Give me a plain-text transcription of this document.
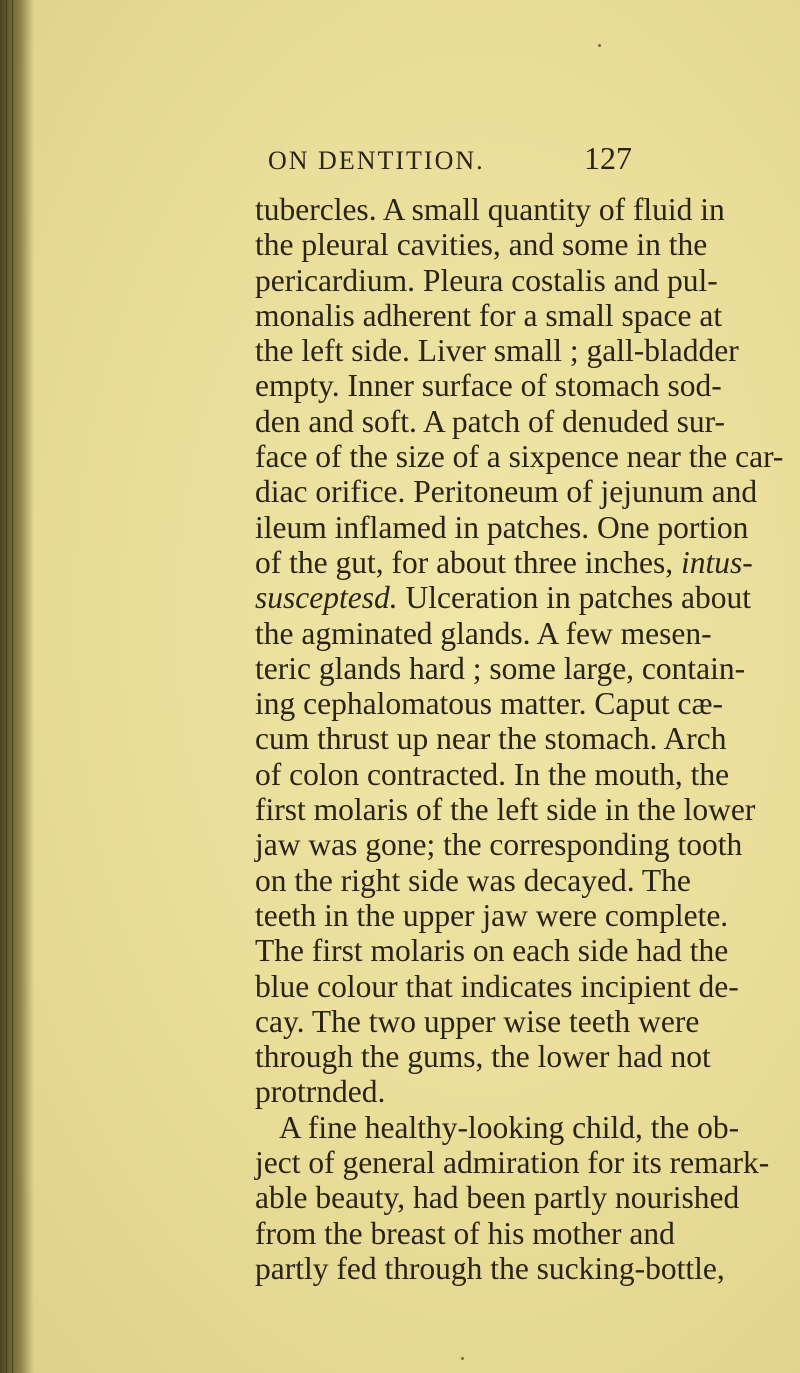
ON DENTITION.	127
tubercles. A small quantity of fluid in
the pleural cavities, and some in the
pericardium. Pleura costalis and pul-
monalis adherent for a small space at
the left side. Liver small ; gall-bladder
empty. Inner surface of stomach sod-
den and soft. A patch of denuded sur-
face of the size of a sixpence near the car-
diac orifice. Peritoneum of jejunum and
ileum inflamed in patches. One portion
of the gut, for about three inches, intus-
susceptesd. Ulceration in patches about
the agminated glands. A few mesen-
teric glands hard ; some large, contain-
ing cephalomatous matter. Caput cæ-
cum thrust up near the stomach. Arch
of colon contracted. In the mouth, the
first molaris of the left side in the lower
jaw was gone; the corresponding tooth
on the right side was decayed. The
teeth in the upper jaw were complete.
The first molaris on each side had the
blue colour that indicates incipient de-
cay. The two upper wise teeth were
through the gums, the lower had not
protrnded.
A fine healthy-looking child, the ob-
ject of general admiration for its remark-
able beauty, had been partly nourished
from the breast of his mother and
partly fed through the sucking-bottle,
